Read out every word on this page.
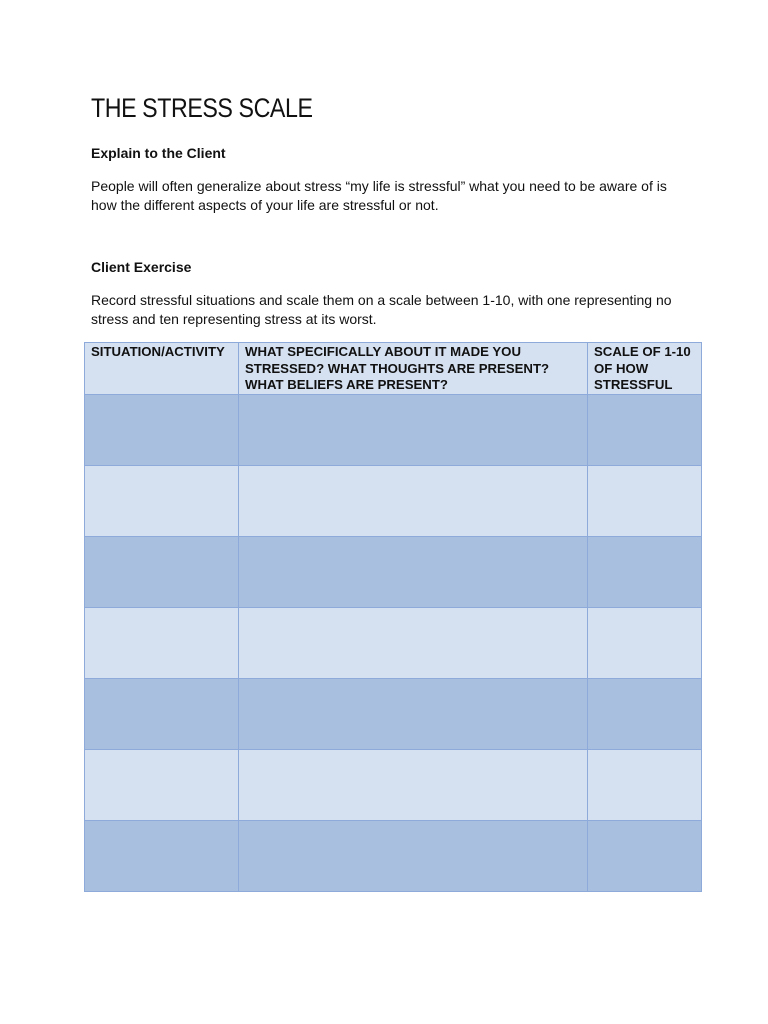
THE STRESS SCALE
Explain to the Client
People will often generalize about stress “my life is stressful” what you need to be aware of is how the different aspects of your life are stressful or not.
Client Exercise
Record stressful situations and scale them on a scale between 1-10, with one representing no stress and ten representing stress at its worst.
SITUATION/ACTIVITY	WHAT SPECIFICALLY ABOUT IT MADE YOU STRESSED? WHAT THOUGHTS ARE PRESENT? WHAT BELIEFS ARE PRESENT?	SCALE OF 1-10 OF HOW STRESSFUL
